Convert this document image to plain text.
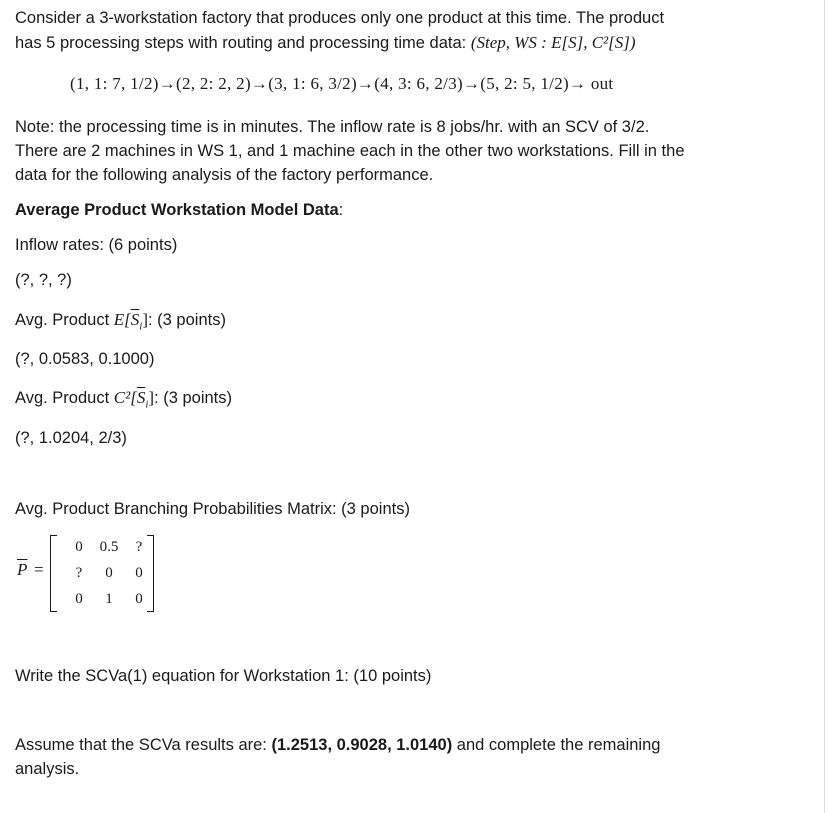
Consider a 3-workstation factory that produces only one product at this time. The product
has 5 processing steps with routing and processing time data: (Step, WS : E[S], C²[S])
(1, 1: 7, 1/2)→(2, 2: 2, 2)→(3, 1: 6, 3/2)→(4, 3: 6, 2/3)→(5, 2: 5, 1/2)→ out
Note: the processing time is in minutes. The inflow rate is 8 jobs/hr. with an SCV of 3/2.
There are 2 machines in WS 1, and 1 machine each in the other two workstations. Fill in the
data for the following analysis of the factory performance.
Average Product Workstation Model Data:
Inflow rates: (6 points)
(?, ?, ?)
Avg. Product $E[\overline{S}_i]$: (3 points)
(?, 0.0583, 0.1000)
Avg. Product $C^2[\overline{S}_i]$: (3 points)
(?, 1.0204, 2/3)
Avg. Product Branching Probabilities Matrix: (3 points)
$\overline{P}$ =
0	0.5	?
?	0	0
0	1	0
Write the SCVa(1) equation for Workstation 1: (10 points)
Assume that the SCVa results are: (1.2513, 0.9028, 1.0140) and complete the remaining
analysis.
